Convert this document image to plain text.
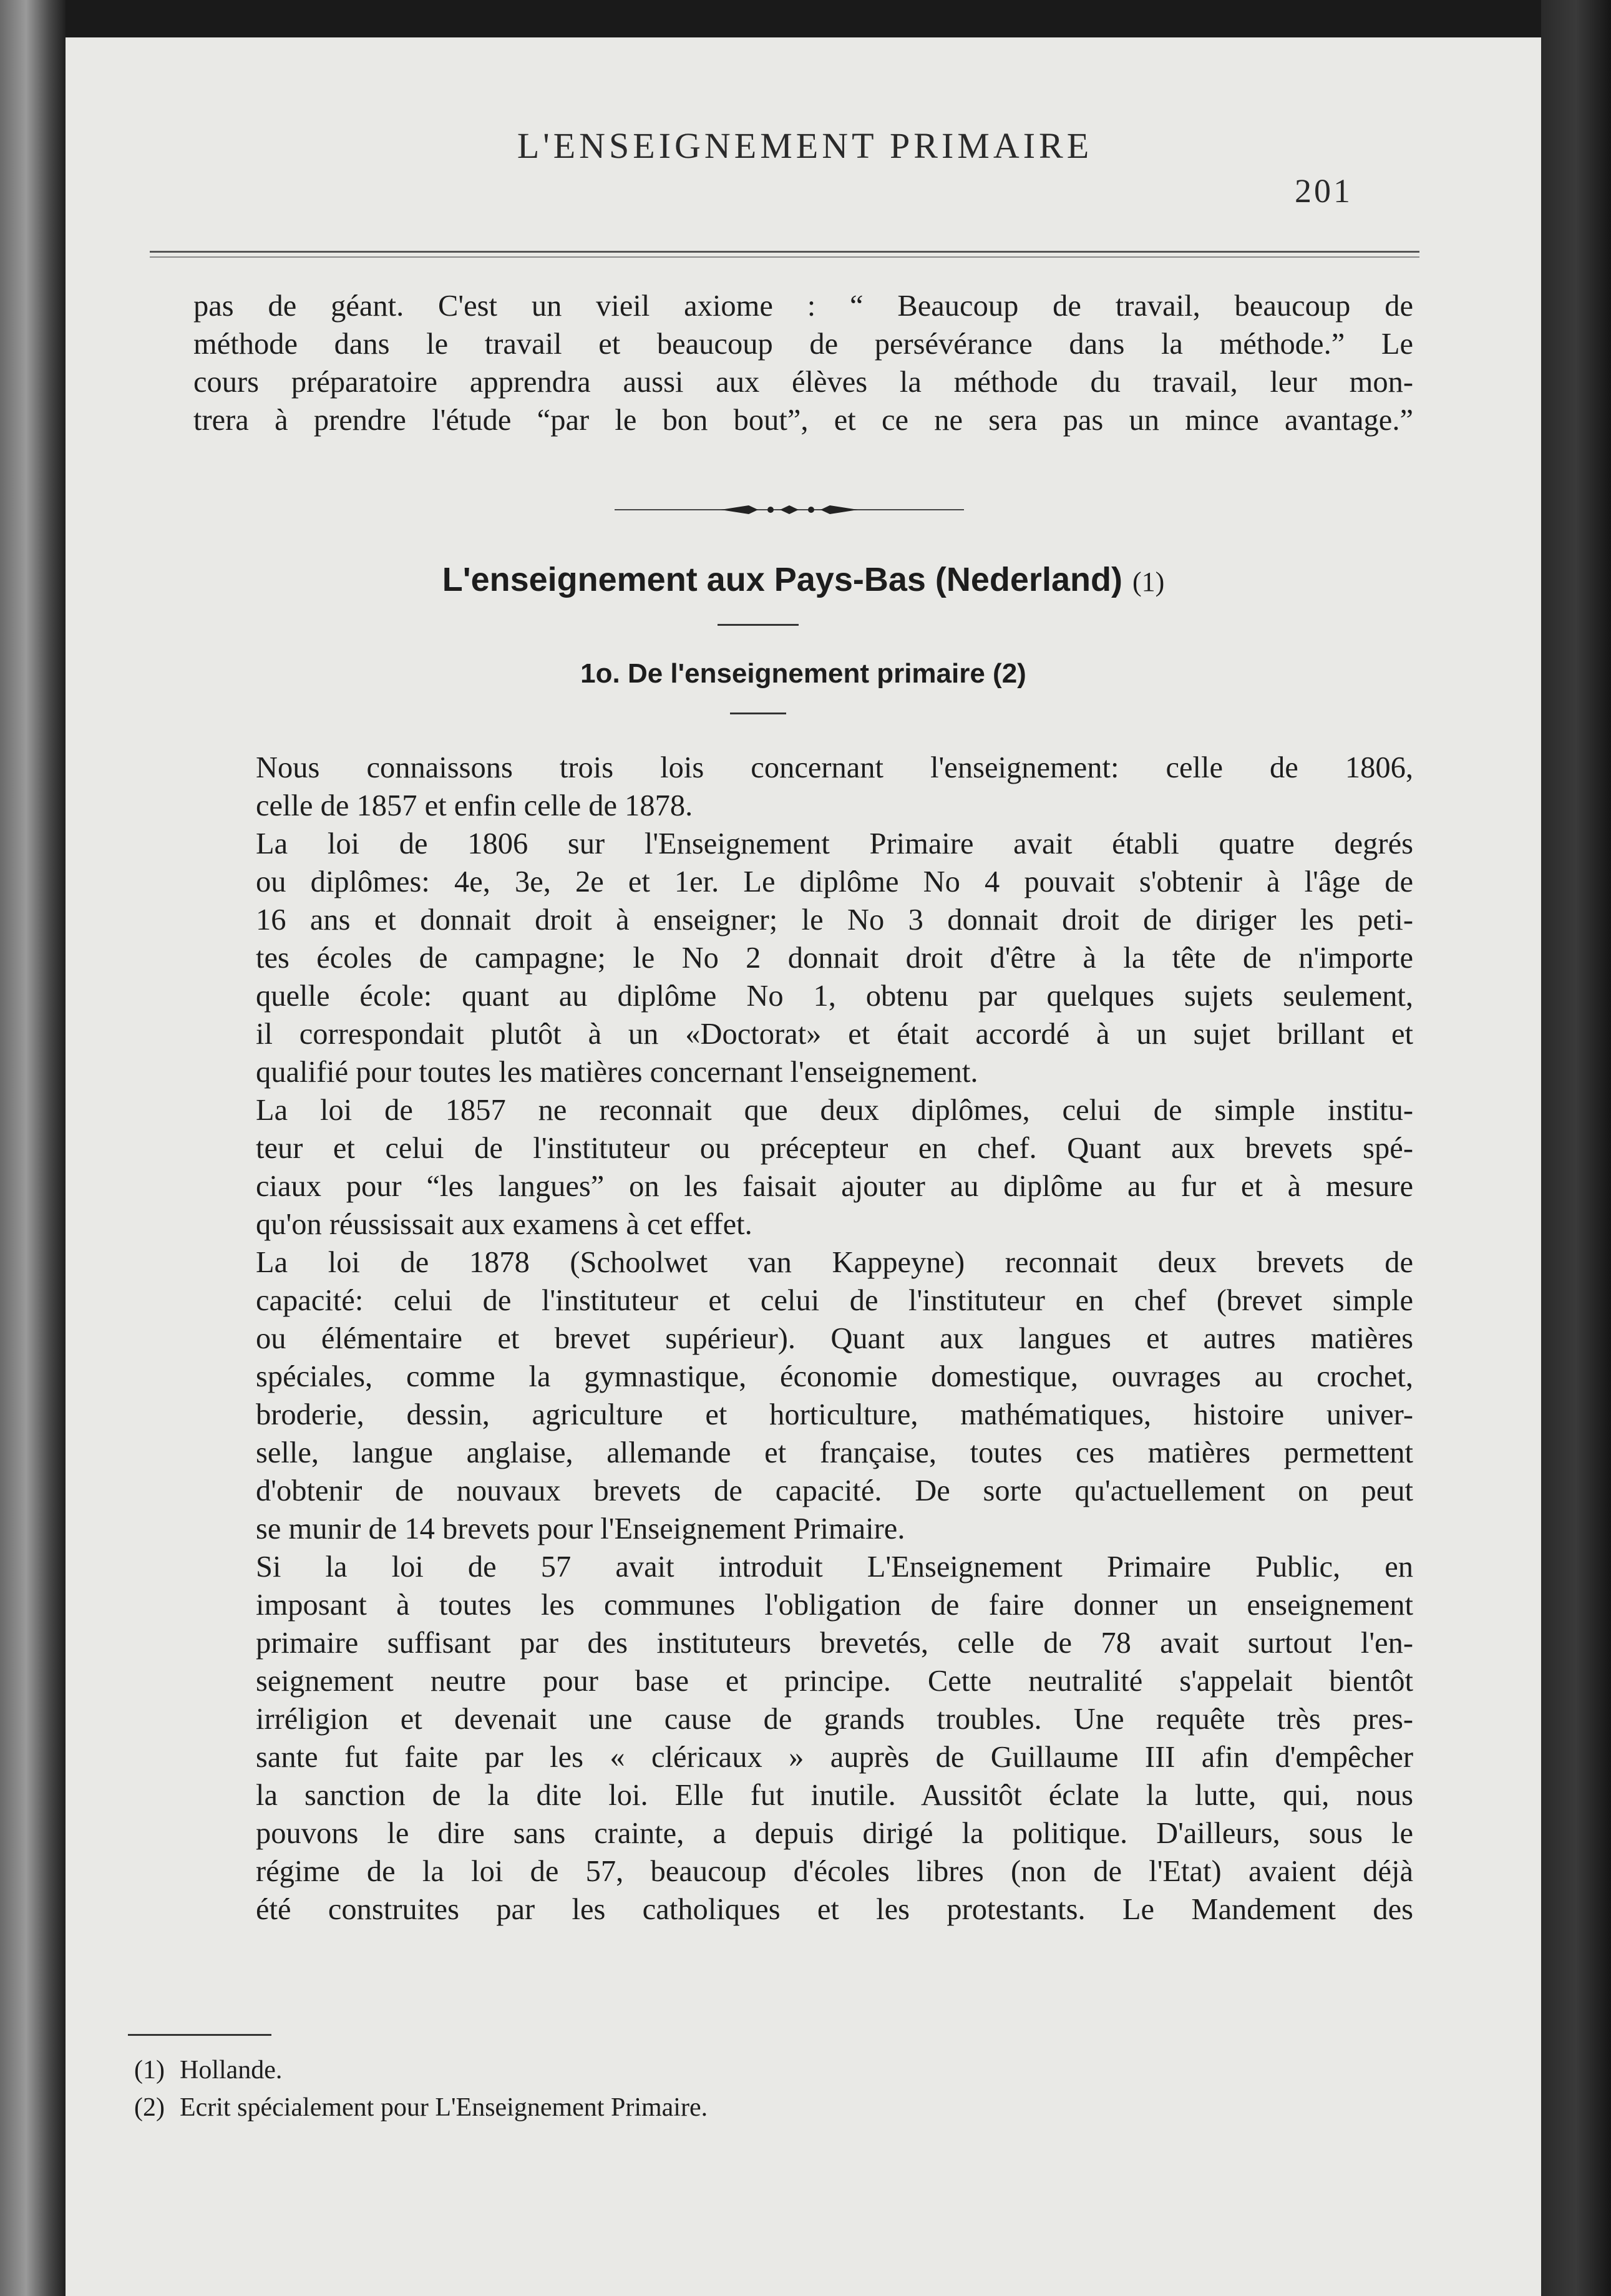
L'ENSEIGNEMENT PRIMAIRE
201
pas de géant. C'est un vieil axiome : “ Beaucoup de travail, beaucoup de
méthode dans le travail et beaucoup de persévérance dans la méthode.” Le
cours préparatoire apprendra aussi aux élèves la méthode du travail, leur mon-
trera à prendre l'étude “par le bon bout”, et ce ne sera pas un mince avantage.”
L'enseignement aux Pays-Bas (Nederland) (1)
1o. De l'enseignement primaire (2)

Nous connaissons trois lois concernant l'enseignement: celle de 1806,
celle de 1857 et enfin celle de 1878.

La loi de 1806 sur l'Enseignement Primaire avait établi quatre degrés
ou diplômes: 4e, 3e, 2e et 1er. Le diplôme No 4 pouvait s'obtenir à l'âge de
16 ans et donnait droit à enseigner; le No 3 donnait droit de diriger les peti-
tes écoles de campagne; le No 2 donnait droit d'être à la tête de n'importe
quelle école: quant au diplôme No 1, obtenu par quelques sujets seulement,
il correspondait plutôt à un «Doctorat» et était accordé à un sujet brillant et
qualifié pour toutes les matières concernant l'enseignement.

La loi de 1857 ne reconnait que deux diplômes, celui de simple institu-
teur et celui de l'instituteur ou précepteur en chef. Quant aux brevets spé-
ciaux pour “les langues” on les faisait ajouter au diplôme au fur et à mesure
qu'on réussissait aux examens à cet effet.

La loi de 1878 (Schoolwet van Kappeyne) reconnait deux brevets de
capacité: celui de l'instituteur et celui de l'instituteur en chef (brevet simple
ou élémentaire et brevet supérieur). Quant aux langues et autres matières
spéciales, comme la gymnastique, économie domestique, ouvrages au crochet,
broderie, dessin, agriculture et horticulture, mathématiques, histoire univer-
selle, langue anglaise, allemande et française, toutes ces matières permettent
d'obtenir de nouvaux brevets de capacité. De sorte qu'actuellement on peut
se munir de 14 brevets pour l'Enseignement Primaire.

Si la loi de 57 avait introduit L'Enseignement Primaire Public, en
imposant à toutes les communes l'obligation de faire donner un enseignement
primaire suffisant par des instituteurs brevetés, celle de 78 avait surtout l'en-
seignement neutre pour base et principe. Cette neutralité s'appelait bientôt
irréligion et devenait une cause de grands troubles. Une requête très pres-
sante fut faite par les « cléricaux » auprès de Guillaume III afin d'empêcher
la sanction de la dite loi. Elle fut inutile. Aussitôt éclate la lutte, qui, nous
pouvons le dire sans crainte, a depuis dirigé la politique. D'ailleurs, sous le
régime de la loi de 57, beaucoup d'écoles libres (non de l'Etat) avaient déjà
été construites par les catholiques et les protestants. Le Mandement des

(1) Hollande.
(2) Ecrit spécialement pour L'Enseignement Primaire.
